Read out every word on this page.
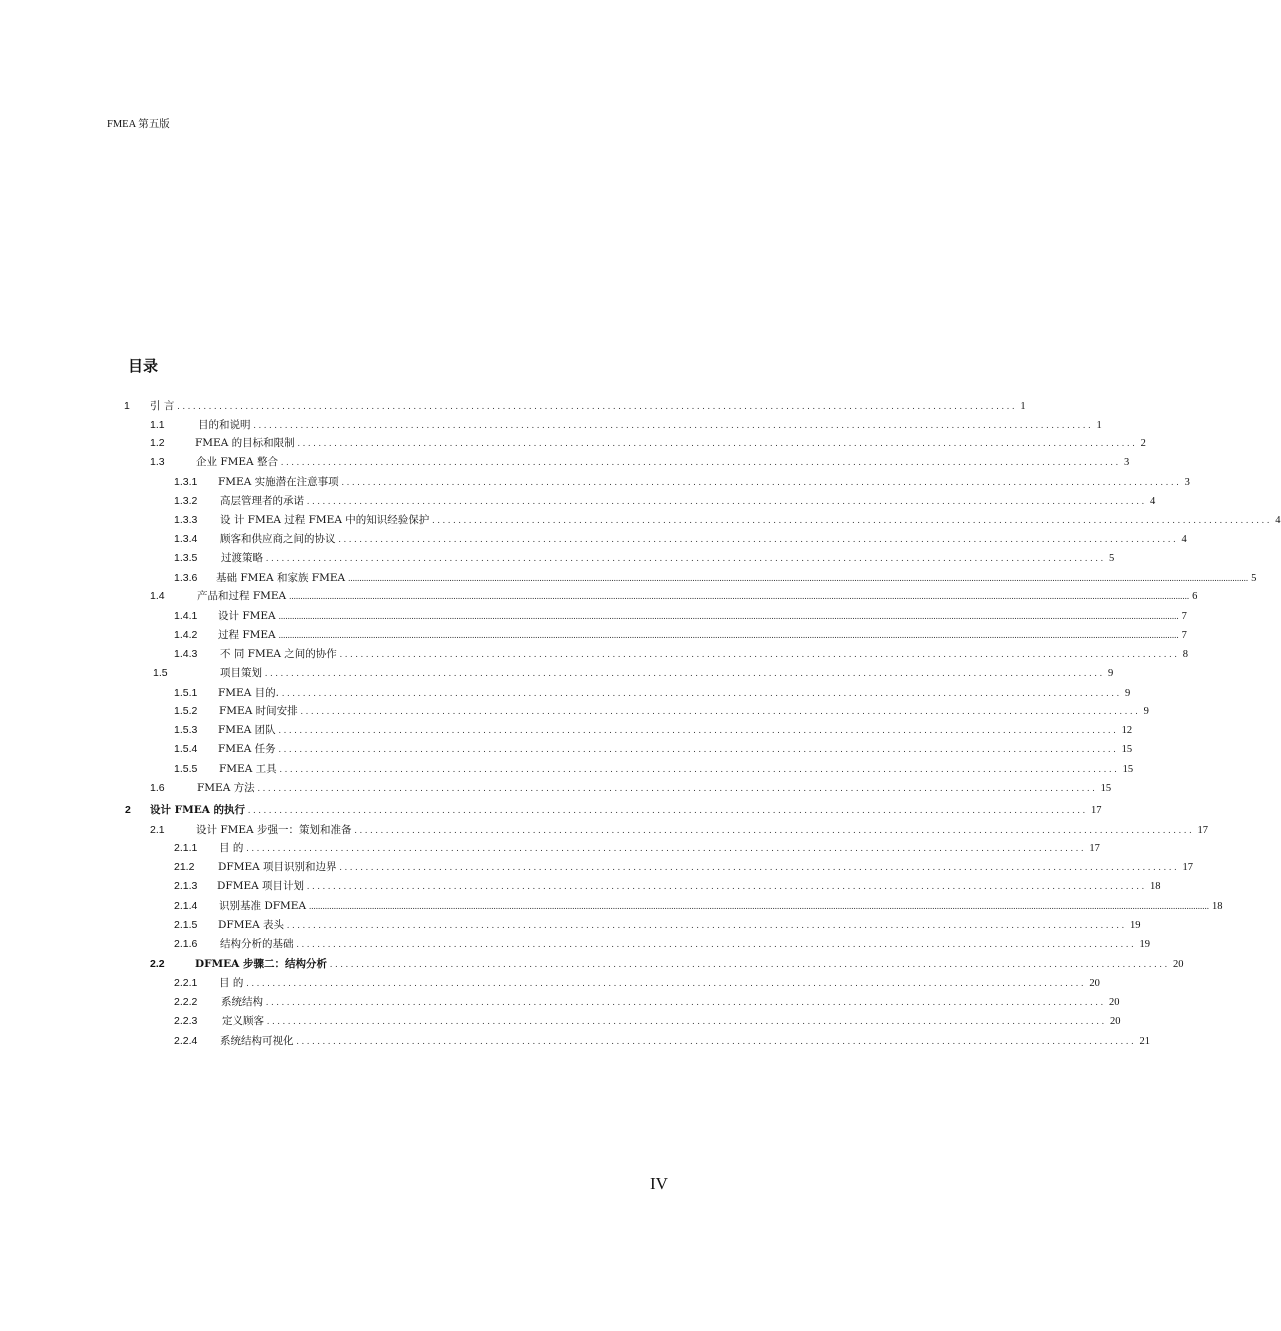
FMEA 第五版
目录
1 引 言 ................................................................................................................................................................ 1
1.1	目的和说明 ................................................................................................................................................................ 1
1.2	FMEA 的目标和限制 ................................................................................................................................................................ 2
1.3	企业 FMEA 整合 ................................................................................................................................................................ 3
1.3.1 FMEA 实施潜在注意事项 ................................................................................................................................................................ 3
1.3.2 高层管理者的承诺 ................................................................................................................................................................ 4
1.3.3 设 计 FMEA 过程 FMEA 中的知识经验保护 ................................................................................................................................................................ 4
1.3.4 顾客和供应商之间的协议 ................................................................................................................................................................ 4
1.3.5 过渡策略 ................................................................................................................................................................ 5
1.3.6 基础 FMEA 和家族 FMEA ................................................................................................................................................................................................................................................................................................................................................................................................................ 5
1.4	产品和过程 FMEA ................................................................................................................................................................................................................................................................................................................................................................................................................ 6
1.4.1 设计 FMEA ................................................................................................................................................................................................................................................................................................................................................................................................................ 7
1.4.2 过程 FMEA ................................................................................................................................................................................................................................................................................................................................................................................................................ 7
1.4.3 不 同 FMEA 之间的协作 ................................................................................................................................................................ 8
1.5	项目策划 ................................................................................................................................................................ 9
1.5.1 FMEA 目的. ................................................................................................................................................................ 9
1.5.2 FMEA 时间安排 ................................................................................................................................................................ 9
1.5.3 FMEA 团队 ................................................................................................................................................................ 12
1.5.4 FMEA 任务 ................................................................................................................................................................ 15
1.5.5 FMEA 工具 ................................................................................................................................................................ 15
1.6	FMEA 方法 ................................................................................................................................................................ 15
2 设计 FMEA 的执行 ................................................................................................................................................................ 17
2.1	设计 FMEA 步强一：策划和准备 ................................................................................................................................................................ 17
2.1.1 目 的 ................................................................................................................................................................ 17
21.2 DFMEA 项目识别和边界 ................................................................................................................................................................ 17
2.1.3 DFMEA 项目计划 ................................................................................................................................................................ 18
2.1.4 识别基准 DFMEA ................................................................................................................................................................................................................................................................................................................................................................................................................ 18
2.1.5 DFMEA 表头 ................................................................................................................................................................ 19
2.1.6 结构分析的基础 ................................................................................................................................................................ 19
2.2	DFMEA 步骤二：结构分析 ................................................................................................................................................................ 20
2.2.1 目 的 ................................................................................................................................................................ 20
2.2.2 系统结构 ................................................................................................................................................................ 20
2.2.3 定义顾客 ................................................................................................................................................................ 20
2.2.4 系统结构可视化 ................................................................................................................................................................ 21
IV
